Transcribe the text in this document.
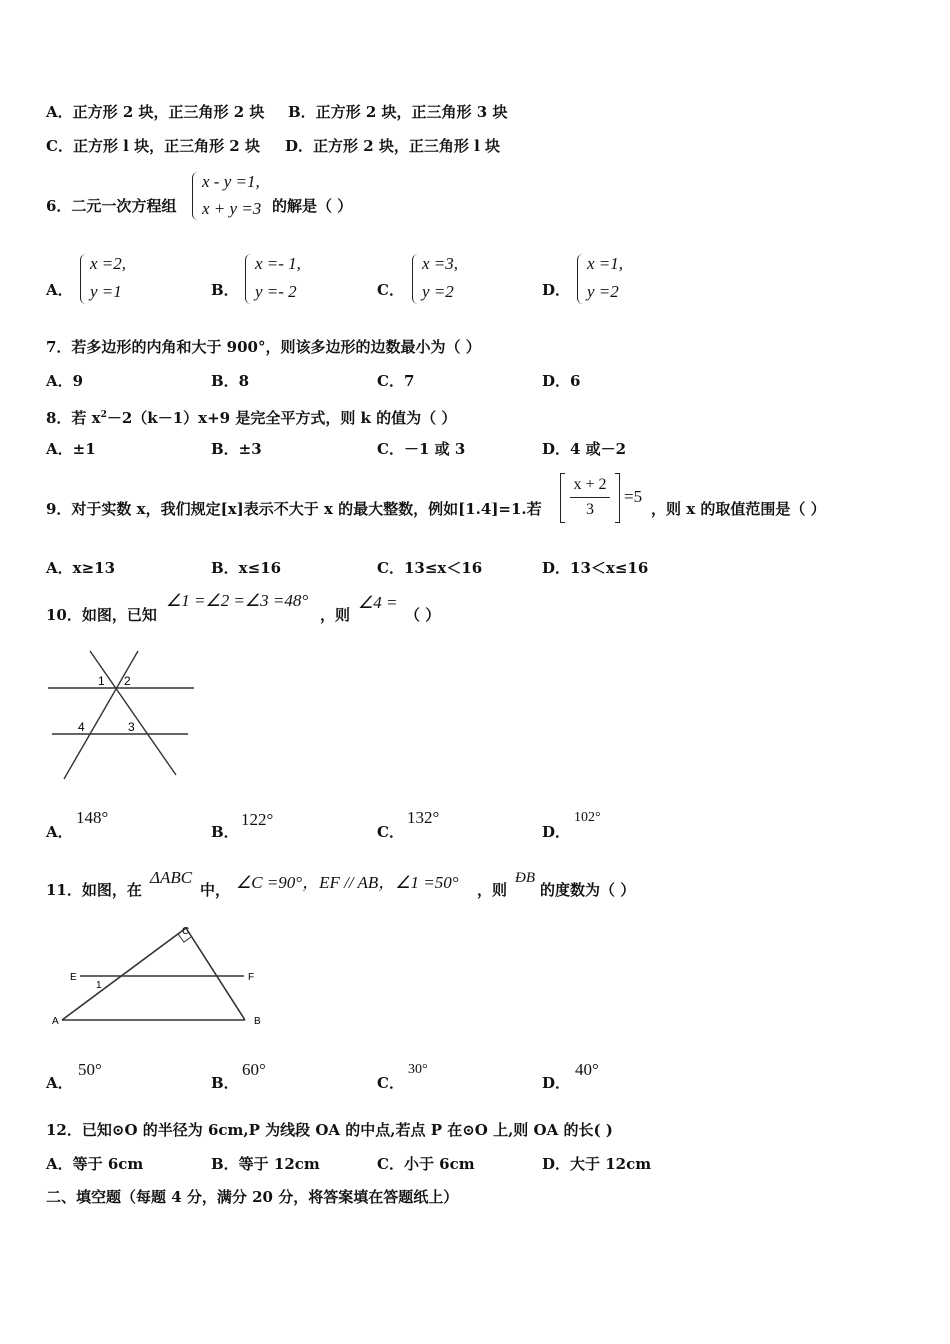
A．正方形 2 块，正三角形 2 块 B．正方形 2 块，正三角形 3 块
C．正方形 l 块，正三角形 2 块 D．正方形 2 块，正三角形 l 块
6．二元一次方程组
x - y =1,
x + y =3 的解是（ ）
A．
x =2,
y =1	B．
x =- 1,
y =- 2	C．
x =3,
y =2	D．
x =1,
y =2
7．若多边形的内角和大于 900°，则该多边形的边数最小为（ ）
A．9	B．8	C．7	D．6
8．若 $x^2-2(k-1)x+9$ 是完全平方式，则 k 的值为（ ）
A．±1	B．±3	C．－1 或 3	D．4 或－2
9．对于实数 x，我们规定[x]表示不大于 x 的最大整数，例如[1.4]=1.若
x + 2
3
=5
，则 x 的取值范围是（ ）
A．x≥13	B．x≤16	C．13≤x＜16	D．13＜x≤16
10．如图，已知
∠1 =∠2 =∠3 =48°
，则
∠4 =
（ ）
1 2
4	3
A．
148°
B．
122°
C．
132°
D．
102°
11．如图，在
ΔABC
中， ∠C =90°，EF // AB，∠1 =50° ，则
ÐB
的度数为（ ）
C
E	F
1
A	B
A．
50°
B．
60°
C．
30°
D．
40°
12．已知⊙O 的半径为 6cm,P 为线段 OA 的中点,若点 P 在⊙O 上,则 OA 的长( )
A．等于 6cm	B．等于 12cm	C．小于 6cm	D．大于 12cm
二、填空题（每题 4 分，满分 20 分，将答案填在答题纸上）
